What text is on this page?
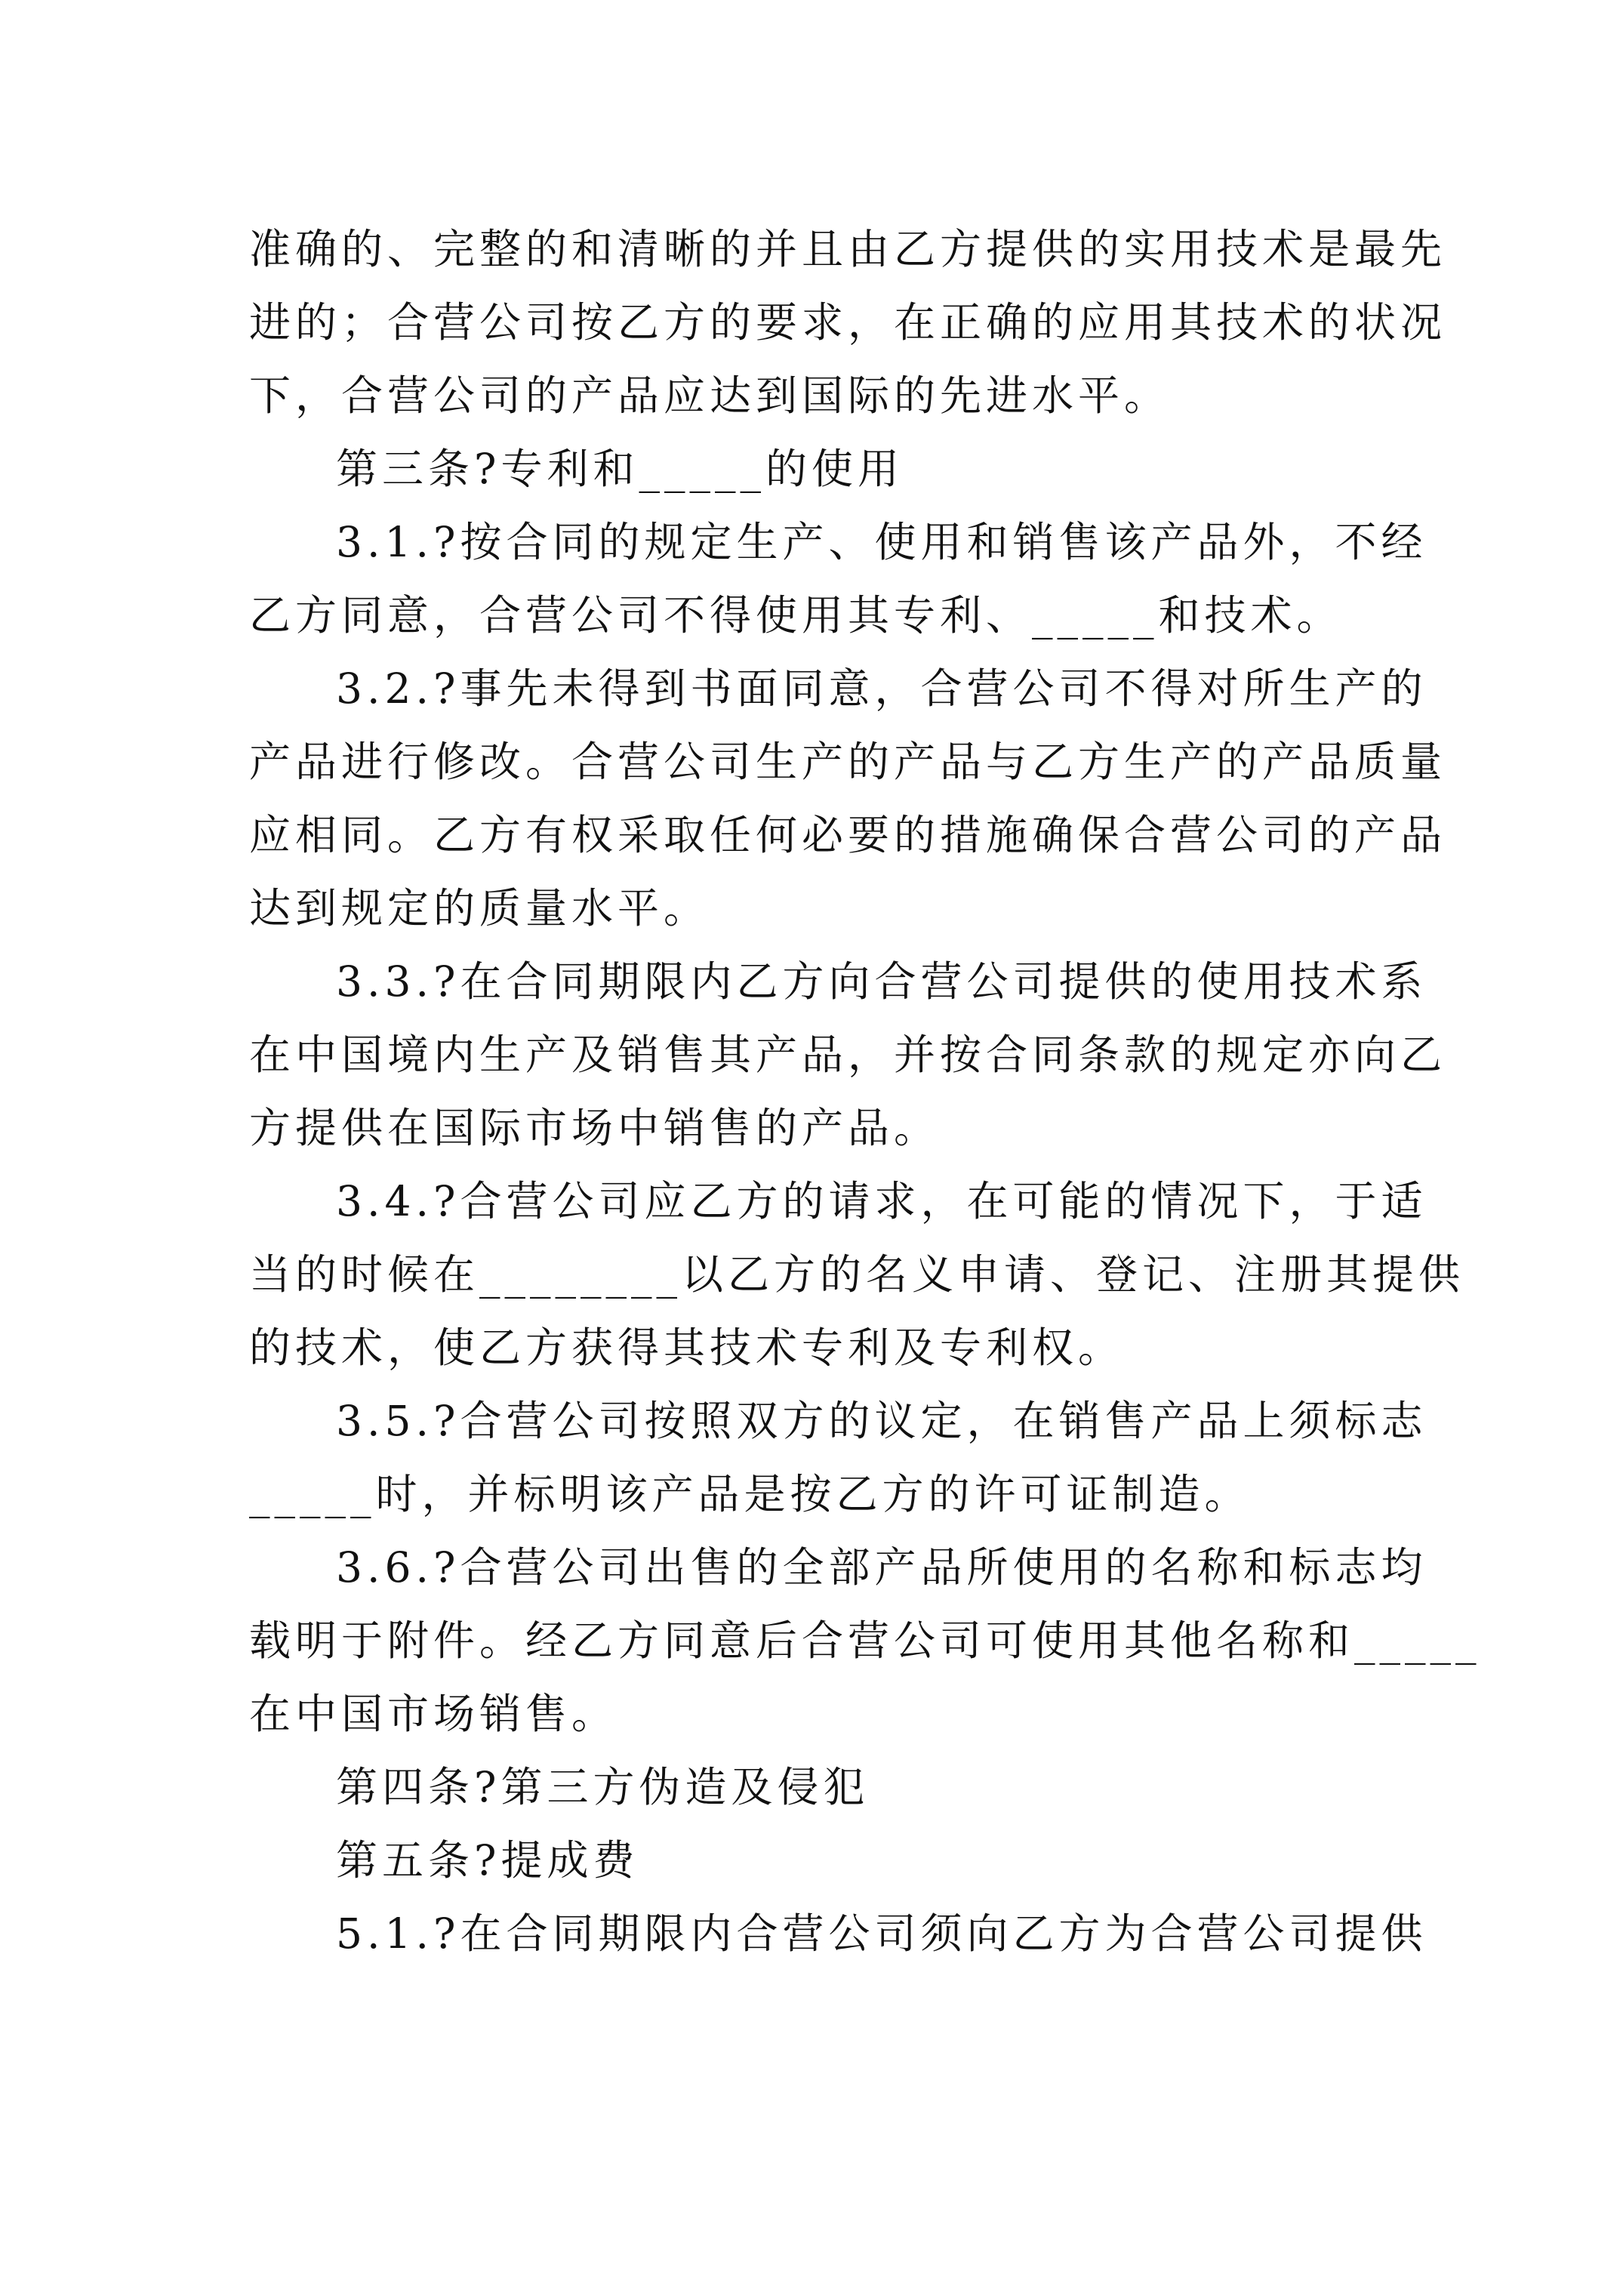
准确的、完整的和清晰的并且由乙方提供的实用技术是最先
进的；合营公司按乙方的要求，在正确的应用其技术的状况
下，合营公司的产品应达到国际的先进水平。

第三条?专利和_____的使用

3.1.?按合同的规定生产、使用和销售该产品外，不经
乙方同意，合营公司不得使用其专利、_____和技术。

3.2.?事先未得到书面同意，合营公司不得对所生产的
产品进行修改。合营公司生产的产品与乙方生产的产品质量
应相同。乙方有权采取任何必要的措施确保合营公司的产品
达到规定的质量水平。

3.3.?在合同期限内乙方向合营公司提供的使用技术系
在中国境内生产及销售其产品，并按合同条款的规定亦向乙
方提供在国际市场中销售的产品。

3.4.?合营公司应乙方的请求，在可能的情况下，于适
当的时候在________以乙方的名义申请、登记、注册其提供
的技术，使乙方获得其技术专利及专利权。

3.5.?合营公司按照双方的议定，在销售产品上须标志
_____时，并标明该产品是按乙方的许可证制造。

3.6.?合营公司出售的全部产品所使用的名称和标志均
载明于附件。经乙方同意后合营公司可使用其他名称和_____
在中国市场销售。

第四条?第三方伪造及侵犯

第五条?提成费

5.1.?在合同期限内合营公司须向乙方为合营公司提供
